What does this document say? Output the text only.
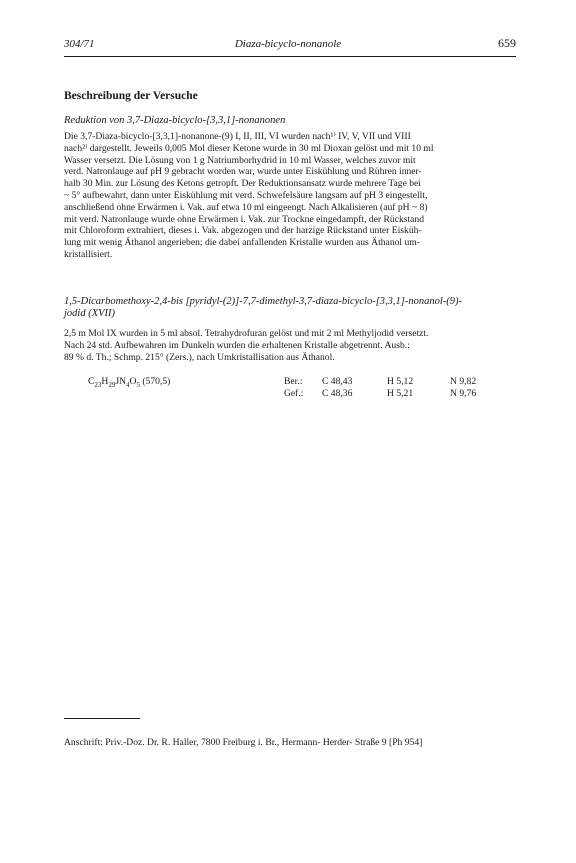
304/71	Diaza-bicyclo-nonanole	659
Beschreibung der Versuche
Reduktion von 3,7-Diaza-bicyclo-[3,3,1]-nonanonen

Die 3,7-Diaza-bicyclo-[3,3,1]-nonanone-(9) I, II, III, VI wurden nach¹⁾ IV, V, VII und VIII

nach²⁾ dargestellt. Jeweils 0,005 Mol dieser Ketone wurde in 30 ml Dioxan gelöst und mit 10 ml

Wasser versetzt. Die Lösung von 1 g Natriumborhydrid in 10 ml Wasser, welches zuvor mit

verd. Natronlauge auf pH 9 gebracht worden war, wurde unter Eiskühlung und Rühren inner-

halb 30 Min. zur Lösung des Ketons getropft. Der Reduktionsansatz wurde mehrere Tage bei

~ 5° aufbewahrt, dann unter Eiskühlung mit verd. Schwefelsäure langsam auf pH 3 eingestellt,

anschließend ohne Erwärmen i. Vak. auf etwa 10 ml eingeengt. Nach Alkalisieren (auf pH ~ 8)

mit verd. Natronlauge wurde ohne Erwärmen i. Vak. zur Trockne eingedampft, der Rückstand

mit Chloroform extrahiert, dieses i. Vak. abgezogen und der harzige Rückstand unter Eisküh-

lung mit wenig Äthanol angerieben; die dabei anfallenden Kristalle wurden aus Äthanol um-

kristallisiert.

1,5-Dicarbomethoxy-2,4-bis [pyridyl-(2)]-7,7-dimethyl-3,7-diaza-bicyclo-[3,3,1]-nonanol-(9)-
jodid (XVII)

2,5 m Mol IX wurden in 5 ml absol. Tetrahydrofuran gelöst und mit 2 ml Methyljodid versetzt.

Nach 24 std. Aufbewahren im Dunkeln wurden die erhaltenen Kristalle abgetrennt. Ausb.:

89 % d. Th.; Schmp. 215° (Zers.), nach Umkristallisation aus Äthanol.

$C_{23}H_{29}JN_4O_5$ (570,5)	Ber.: C 48,43	H 5,12	N 9,82
Gef.: C 48,36	H 5,21	N 9,76
Anschrift: Priv.-Doz. Dr. R. Haller, 7800 Freiburg i. Br., Hermann- Herder- Straße 9 [Ph 954]
